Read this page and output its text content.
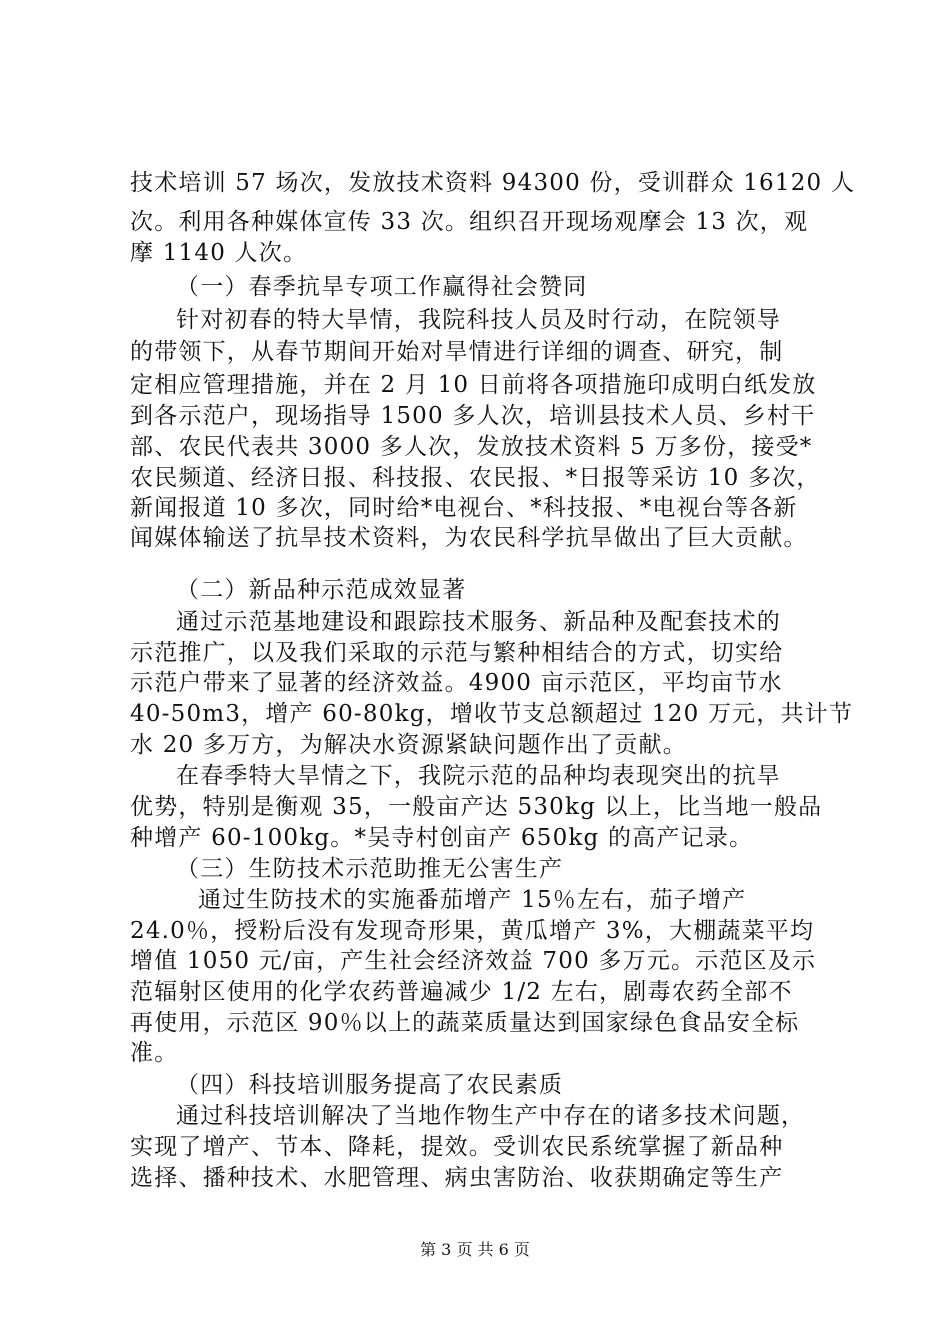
技术培训 57 场次，发放技术资料 94300 份，受训群众 16120 人
次。利用各种媒体宣传 33 次。组织召开现场观摩会 13 次，观
摩 1140 人次。
（一）春季抗旱专项工作赢得社会赞同
针对初春的特大旱情，我院科技人员及时行动，在院领导
的带领下，从春节期间开始对旱情进行详细的调查、研究，制
定相应管理措施，并在 2 月 10 日前将各项措施印成明白纸发放
到各示范户，现场指导 1500 多人次，培训县技术人员、乡村干
部、农民代表共 3000 多人次，发放技术资料 5 万多份，接受*
农民频道、经济日报、科技报、农民报、*日报等采访 10 多次，
新闻报道 10 多次，同时给*电视台、*科技报、*电视台等各新
闻媒体输送了抗旱技术资料，为农民科学抗旱做出了巨大贡献。
（二）新品种示范成效显著
通过示范基地建设和跟踪技术服务、新品种及配套技术的
示范推广，以及我们采取的示范与繁种相结合的方式，切实给
示范户带来了显著的经济效益。4900 亩示范区，平均亩节水
40-50m3，增产 60-80kg，增收节支总额超过 120 万元，共计节
水 20 多万方，为解决水资源紧缺问题作出了贡献。
在春季特大旱情之下，我院示范的品种均表现突出的抗旱
优势，特别是衡观 35，一般亩产达 530kg 以上，比当地一般品
种增产 60-100kg。*吴寺村创亩产 650kg 的高产记录。
（三）生防技术示范助推无公害生产
通过生防技术的实施番茄增产 15％左右，茄子增产
24.0％，授粉后没有发现奇形果，黄瓜增产 3%，大棚蔬菜平均
增值 1050 元/亩，产生社会经济效益 700 多万元。示范区及示
范辐射区使用的化学农药普遍减少 1/2 左右，剧毒农药全部不
再使用，示范区 90％以上的蔬菜质量达到国家绿色食品安全标
准。
（四）科技培训服务提高了农民素质
通过科技培训解决了当地作物生产中存在的诸多技术问题，
实现了增产、节本、降耗，提效。受训农民系统掌握了新品种
选择、播种技术、水肥管理、病虫害防治、收获期确定等生产
第 3 页 共 6 页
